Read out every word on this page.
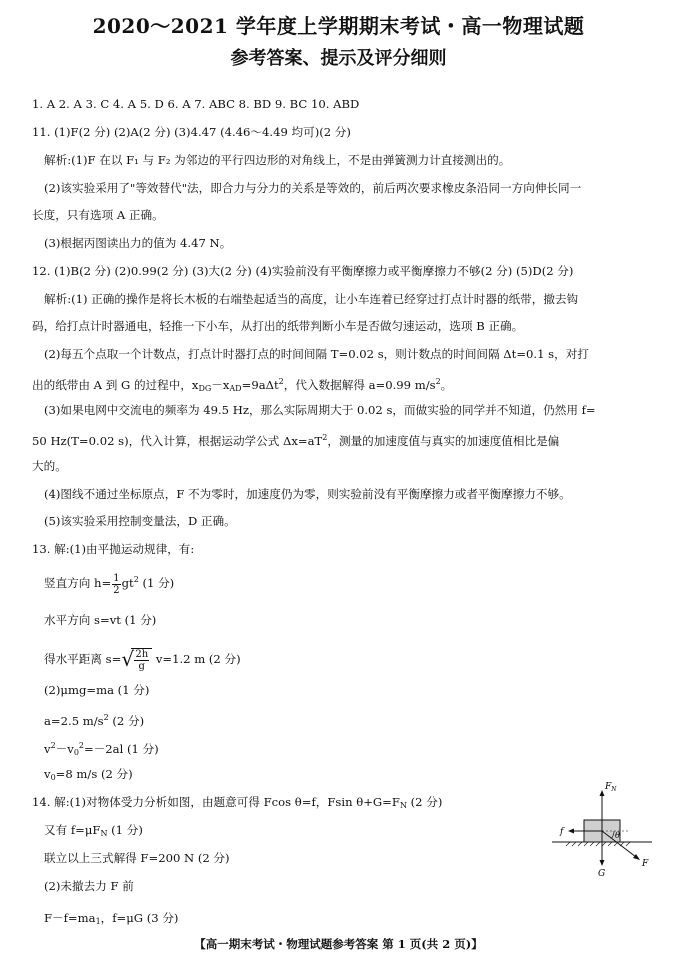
2020～2021 学年度上学期期末考试・高一物理试题
参考答案、提示及评分细则
1. A 2. A 3. C 4. A 5. D 6. A 7. ABC 8. BD 9. BC 10. ABD
11. (1)F(2 分) (2)A(2 分) (3)4.47 (4.46～4.49 均可)(2 分)
解析:(1)F 在以 F₁ 与 F₂ 为邻边的平行四边形的对角线上，不是由弹簧测力计直接测出的。
(2)该实验采用了"等效替代"法，即合力与分力的关系是等效的，前后两次要求橡皮条沿同一方向伸长同一
长度，只有选项 A 正确。
(3)根据丙图读出力的值为 4.47 N。
12. (1)B(2 分) (2)0.99(2 分) (3)大(2 分) (4)实验前没有平衡摩擦力或平衡摩擦力不够(2 分) (5)D(2 分)
解析:(1) 正确的操作是将长木板的右端垫起适当的高度，让小车连着已经穿过打点计时器的纸带，撤去钩
码，给打点计时器通电，轻推一下小车，从打出的纸带判断小车是否做匀速运动，选项 B 正确。
(2)每五个点取一个计数点，打点计时器打点的时间间隔 T=0.02 s，则计数点的时间间隔 Δt=0.1 s，对打
出的纸带由 A 到 G 的过程中，$x_{DG}-x_{AD}=9a\Delta t^2$，代入数据解得 a=0.99 $m/s^2$。
(3)如果电网中交流电的频率为 49.5 Hz，那么实际周期大于 0.02 s，而做实验的同学并不知道，仍然用 f=
50 Hz(T=0.02 s)，代入计算，根据运动学公式 $\Delta x=aT^2$，测量的加速度值与真实的加速度值相比是偏
大的。
(4)图线不通过坐标原点，F 不为零时，加速度仍为零，则实验前没有平衡摩擦力或者平衡摩擦力不够。
(5)该实验采用控制变量法，D 正确。
13. 解:(1)由平抛运动规律，有:
竖直方向 $h= \frac{1}{2} gt^2$ (1 分)
水平方向 s=vt (1 分)
得水平距离 s= √ $\frac{2h}{g} v=1.2$ m (2 分)
(2)μmg=ma (1 分)
a=2.5 $m/s^2$ (2 分)
$v^2-v_0^2=-2al$ (1 分)
$v_0=8$ m/s (2 分)
14. 解:(1)对物体受力分析如图，由题意可得 Fcos θ=f，Fsin $\theta+G=F_N$ (2 分)
又有 $f=\mu F_N$ (1 分)
联立以上三式解得 F=200 N (2 分)
(2)未撤去力 F 前
$F-f=ma_1$，f=μG (3 分)
$F_N$
f	θ
G
F
【高一期末考试・物理试题参考答案 第 1 页(共 2 页)】
